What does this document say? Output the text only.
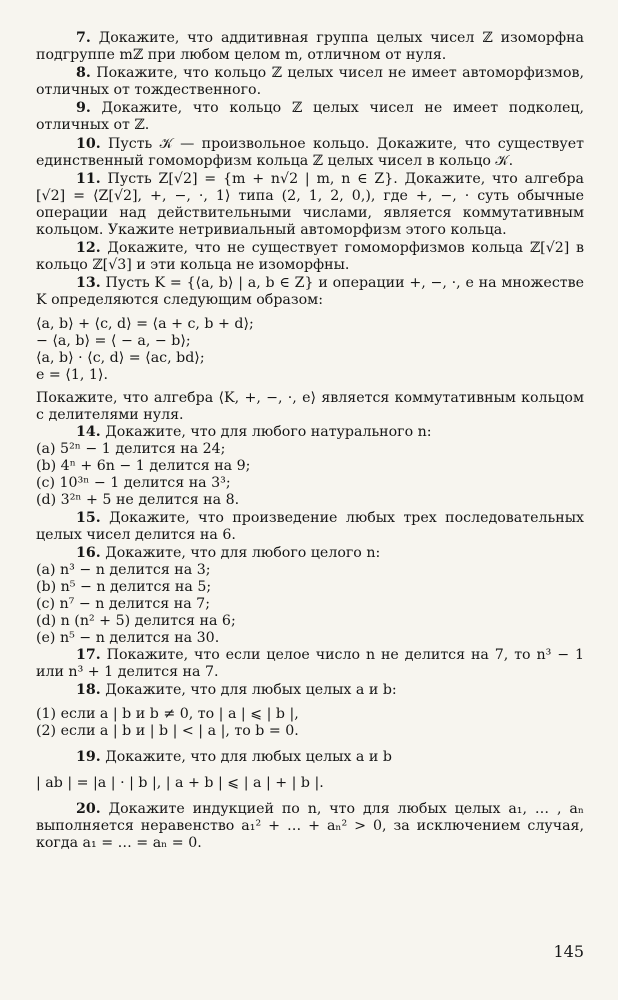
7. Докажите, что аддитивная группа целых чисел ℤ изоморфна подгруппе mℤ при любом целом m, отличном от нуля.

8. Покажите, что кольцо ℤ целых чисел не имеет автоморфизмов, отличных от тождественного.

9. Докажите, что кольцо ℤ целых чисел не имеет подколец, отличных от ℤ.

10. Пусть 𝒦 — произвольное кольцо. Докажите, что существует единственный гомоморфизм кольца ℤ целых чисел в кольцо 𝒦.

11. Пусть Z[√2] = {m + n√2 | m, n ∈ Z}. Докажите, что алгебра [√2] = ⟨Z[√2], +, −, ·, 1⟩ типа (2, 1, 2, 0,), где +, −, · суть обычные операции над действительными числами, является коммутативным кольцом. Укажите нетривиальный автоморфизм этого кольца.

12. Докажите, что не существует гомоморфизмов кольца ℤ[√2] в кольцо ℤ[√3] и эти кольца не изоморфны.

13. Пусть K = {⟨a, b⟩ | a, b ∈ Z} и операции +, −, ·, e на множестве K определяются следующим образом:

⟨a, b⟩ + ⟨c, d⟩ = ⟨a + c, b + d⟩;

− ⟨a, b⟩ = ⟨ − a, − b⟩;

⟨a, b⟩ · ⟨c, d⟩ = ⟨ac, bd⟩;

e = ⟨1, 1⟩.

Покажите, что алгебра ⟨K, +, −, ·, e⟩ является коммутативным кольцом с делителями нуля.

14. Докажите, что для любого натурального n:

(a) 5²ⁿ − 1 делится на 24;

(b) 4ⁿ + 6n − 1 делится на 9;

(c) 10³ⁿ − 1 делится на 3³;

(d) 3²ⁿ + 5 не делится на 8.

15. Докажите, что произведение любых трех последовательных целых чисел делится на 6.

16. Докажите, что для любого целого n:

(a) n³ − n делится на 3;

(b) n⁵ − n делится на 5;

(c) n⁷ − n делится на 7;

(d) n (n² + 5) делится на 6;

(e) n⁵ − n делится на 30.

17. Покажите, что если целое число n не делится на 7, то n³ − 1 или n³ + 1 делится на 7.

18. Докажите, что для любых целых a и b:

(1) если a | b и b ≠ 0, то | a | ⩽ | b |,

(2) если a | b и | b | < | a |, то b = 0.

19. Докажите, что для любых целых a и b

| ab | = |a | · | b |, | a + b | ⩽ | a | + | b |.

20. Докажите индукцией по n, что для любых целых a₁, … , aₙ выполняется неравенство a₁² + … + aₙ² > 0, за исключением случая, когда a₁ = … = aₙ = 0.

145
